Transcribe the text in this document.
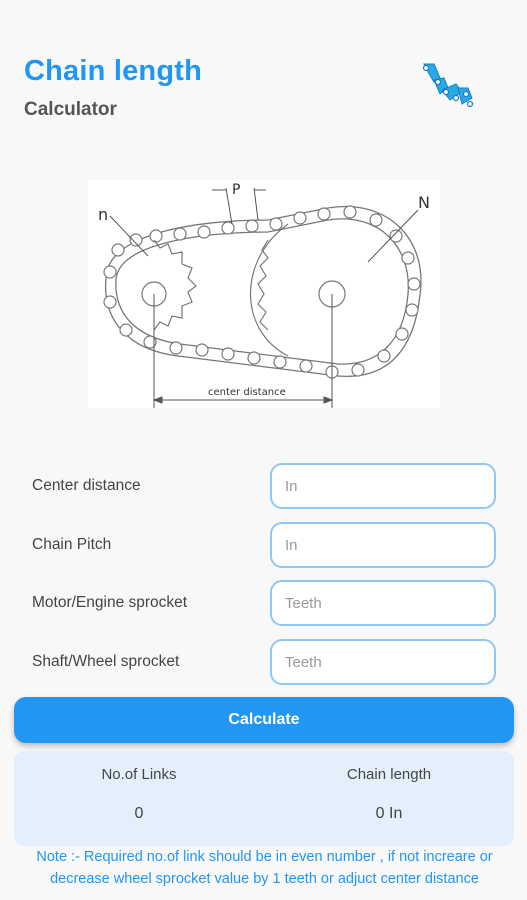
Chain length
Calculator
n
N
P
center distance
Center distance
In
Chain Pitch
In
Motor/Engine sprocket
Teeth
Shaft/Wheel sprocket
Teeth
Calculate
No.of Links	Chain length
0	0 In
Note :- Required no.of link should be in even number , if not increare or decrease wheel sprocket value by 1 teeth or adjuct center distance
